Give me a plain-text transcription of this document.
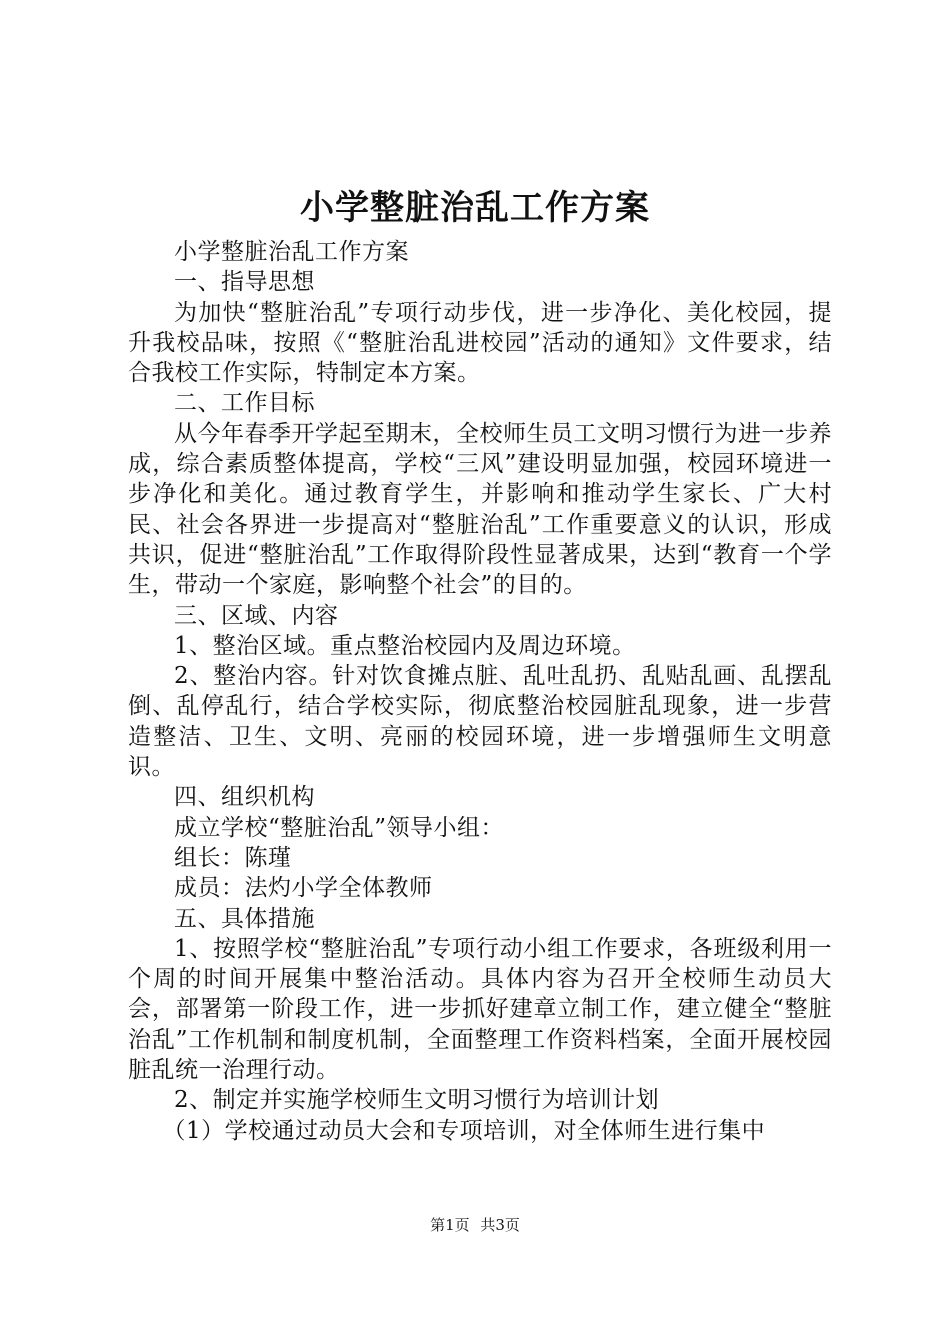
小学整脏治乱工作方案

小学整脏治乱工作方案

一、指导思想

为加快“整脏治乱”专项行动步伐，进一步净化、美化校园，提升我校品味，按照《“整脏治乱进校园”活动的通知》文件要求，结合我校工作实际，特制定本方案。

二、工作目标

从今年春季开学起至期末，全校师生员工文明习惯行为进一步养成，综合素质整体提高，学校“三风”建设明显加强，校园环境进一步净化和美化。通过教育学生，并影响和推动学生家长、广大村民、社会各界进一步提高对“整脏治乱”工作重要意义的认识，形成共识，促进“整脏治乱”工作取得阶段性显著成果，达到“教育一个学生，带动一个家庭，影响整个社会”的目的。

三、区域、内容

1、整治区域。重点整治校园内及周边环境。

2、整治内容。针对饮食摊点脏、乱吐乱扔、乱贴乱画、乱摆乱倒、乱停乱行，结合学校实际，彻底整治校园脏乱现象，进一步营造整洁、卫生、文明、亮丽的校园环境，进一步增强师生文明意识。

四、组织机构

成立学校“整脏治乱”领导小组：

组长：陈瑾

成员：法灼小学全体教师

五、具体措施

1、按照学校“整脏治乱”专项行动小组工作要求，各班级利用一个周的时间开展集中整治活动。具体内容为召开全校师生动员大会，部署第一阶段工作，进一步抓好建章立制工作，建立健全“整脏治乱”工作机制和制度机制，全面整理工作资料档案，全面开展校园脏乱统一治理行动。

2、制定并实施学校师生文明习惯行为培训计划

（1）学校通过动员大会和专项培训，对全体师生进行集中

第1页 共3页
